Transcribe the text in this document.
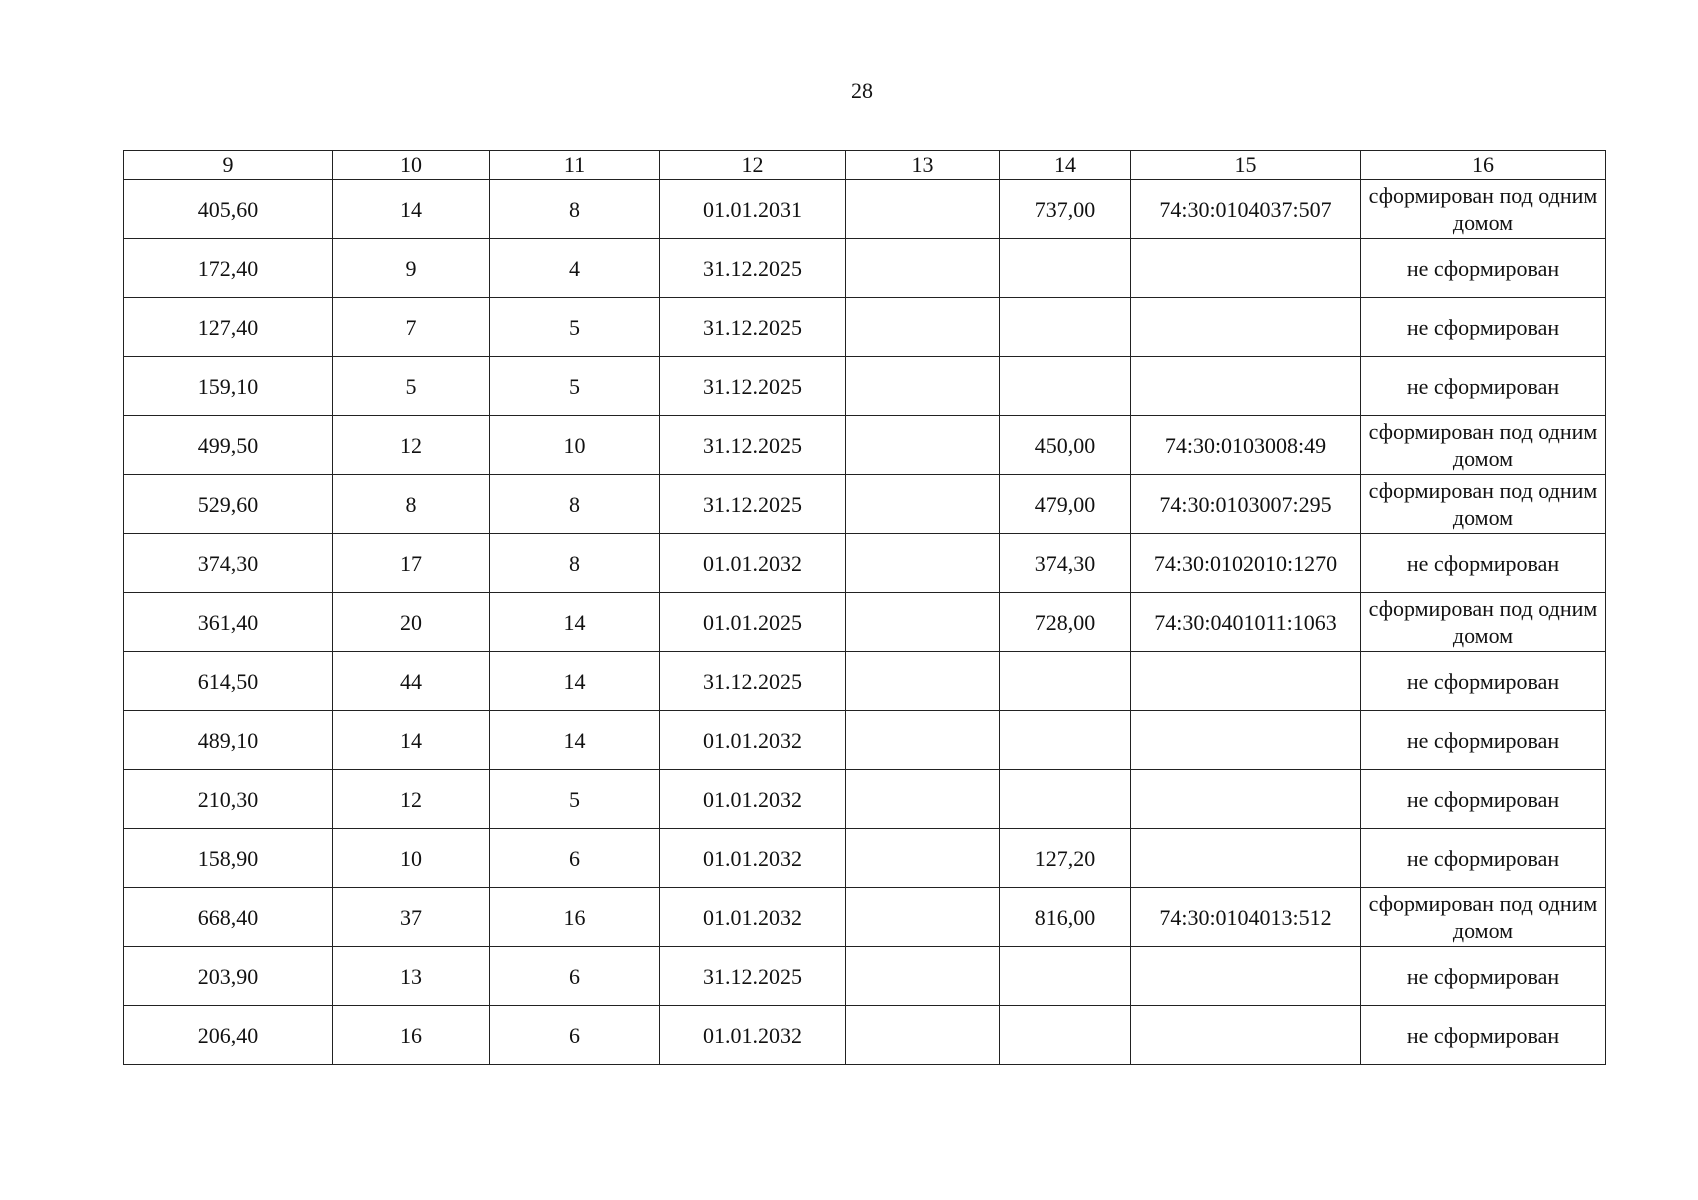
28
9	10	11	12	13	14	15	16
405,60	14	8	01.01.2031		737,00	74:30:0104037:507	сформирован под одним домом
172,40	9	4	31.12.2025				не сформирован
127,40	7	5	31.12.2025				не сформирован
159,10	5	5	31.12.2025				не сформирован
499,50	12	10	31.12.2025		450,00	74:30:0103008:49	сформирован под одним домом
529,60	8	8	31.12.2025		479,00	74:30:0103007:295	сформирован под одним домом
374,30	17	8	01.01.2032		374,30	74:30:0102010:1270	не сформирован
361,40	20	14	01.01.2025		728,00	74:30:0401011:1063	сформирован под одним домом
614,50	44	14	31.12.2025				не сформирован
489,10	14	14	01.01.2032				не сформирован
210,30	12	5	01.01.2032				не сформирован
158,90	10	6	01.01.2032		127,20		не сформирован
668,40	37	16	01.01.2032		816,00	74:30:0104013:512	сформирован под одним домом
203,90	13	6	31.12.2025				не сформирован
206,40	16	6	01.01.2032				не сформирован
